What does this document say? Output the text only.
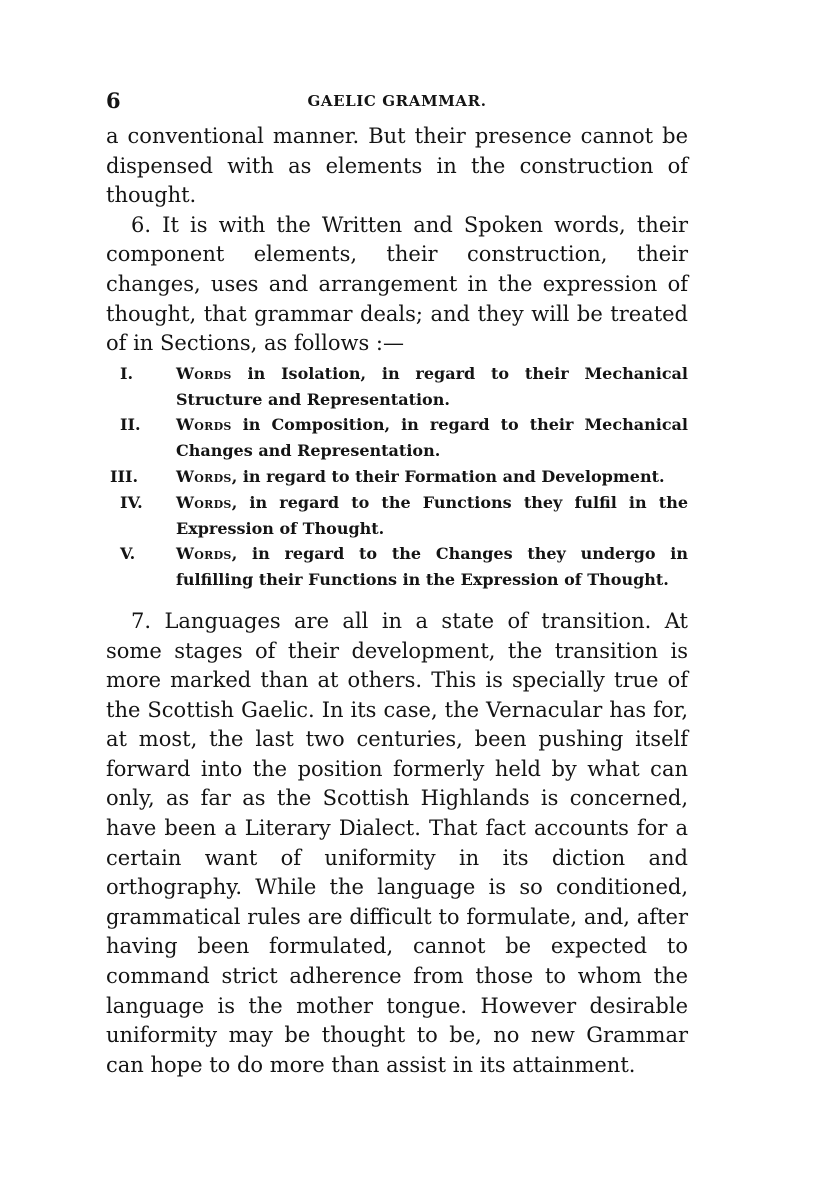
6	GAELIC GRAMMAR.

a conventional manner. But their presence cannot be dispensed with as elements in the construction of thought.

6. It is with the Written and Spoken words, their component elements, their construction, their changes, uses and arrangement in the expression of thought, that grammar deals; and they will be treated of in Sections, as follows :—

I.	Words in Isolation, in regard to their Mechanical Structure and Representation.
II.	Words in Composition, in regard to their Mechanical Changes and Representation.
III.	Words, in regard to their Formation and Development.
IV.	Words, in regard to the Functions they fulfil in the Expression of Thought.
V.	Words, in regard to the Changes they undergo in fulfilling their Functions in the Expression of Thought.

7. Languages are all in a state of transition. At some stages of their development, the transition is more marked than at others. This is specially true of the Scottish Gaelic. In its case, the Vernacular has for, at most, the last two centuries, been pushing itself forward into the position formerly held by what can only, as far as the Scottish Highlands is concerned, have been a Literary Dialect. That fact accounts for a certain want of uniformity in its diction and orthography. While the language is so conditioned, grammatical rules are difficult to formulate, and, after having been formulated, cannot be expected to command strict adherence from those to whom the language is the mother tongue. However desirable uniformity may be thought to be, no new Grammar can hope to do more than assist in its attainment.
